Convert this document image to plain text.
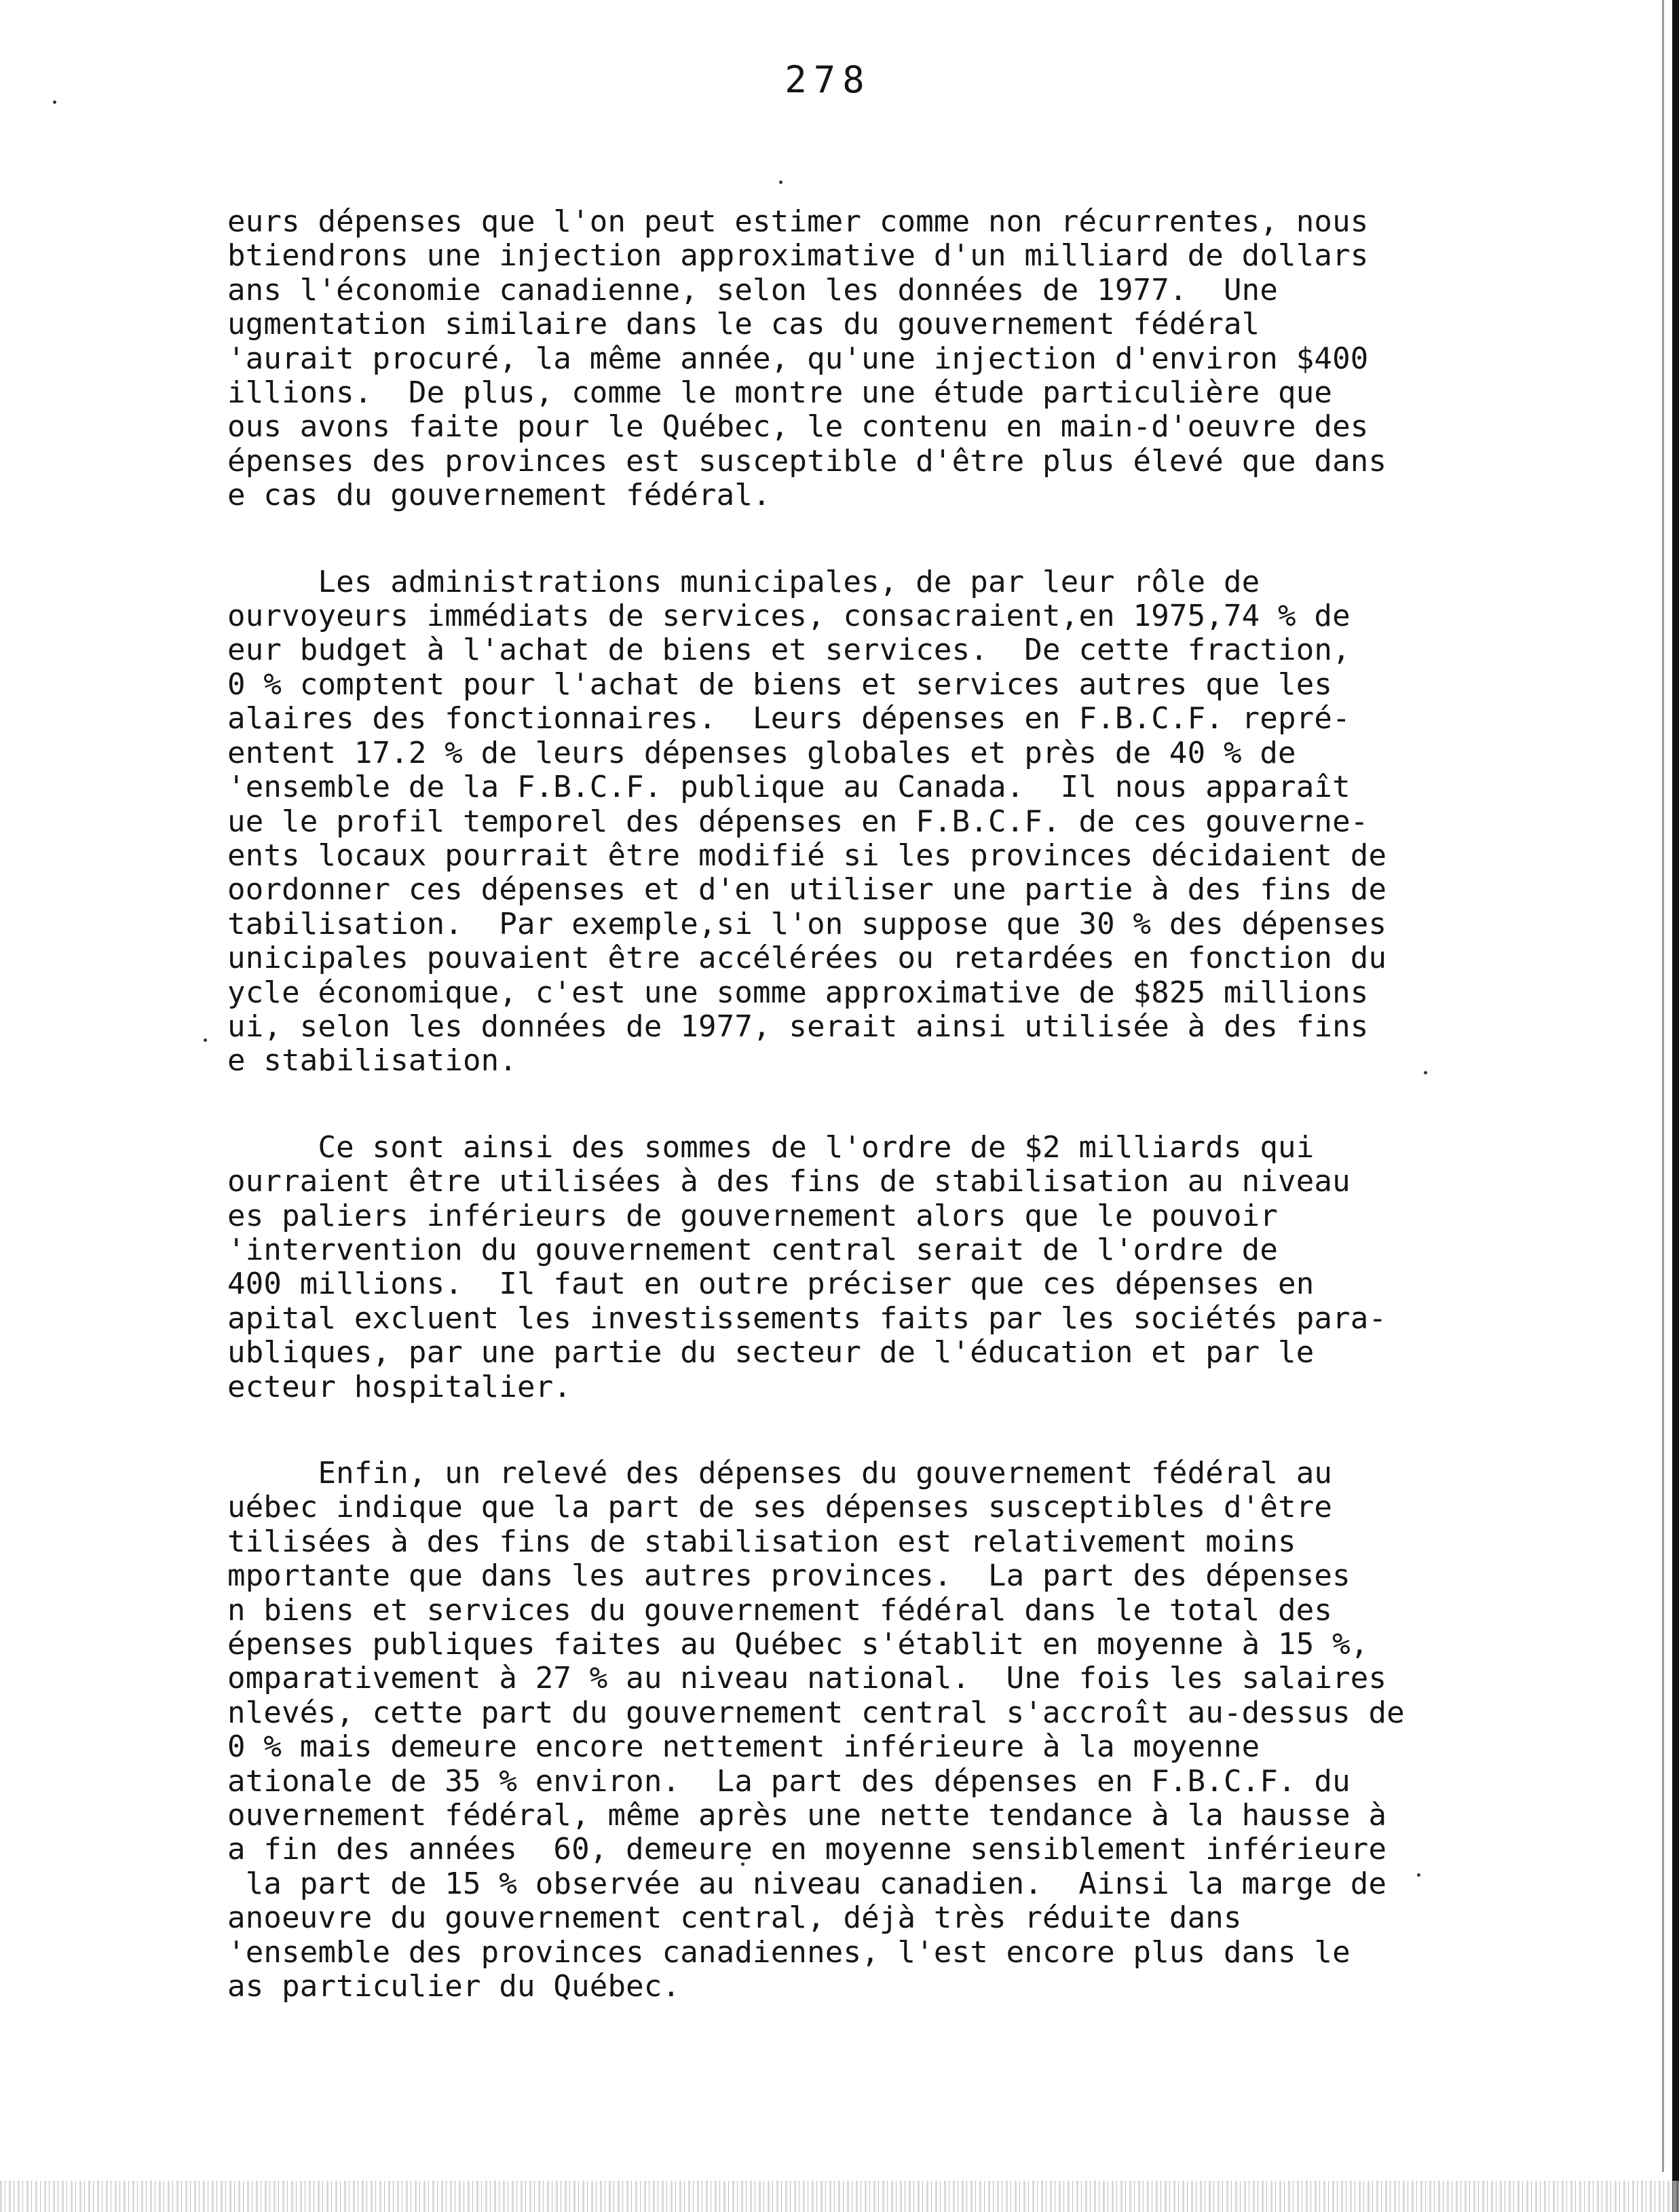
278
eurs dépenses que l'on peut estimer comme non récurrentes, nous
btiendrons une injection approximative d'un milliard de dollars
ans l'économie canadienne, selon les données de 1977.  Une
ugmentation similaire dans le cas du gouvernement fédéral
'aurait procuré, la même année, qu'une injection d'environ $400
illions.  De plus, comme le montre une étude particulière que
ous avons faite pour le Québec, le contenu en main-d'oeuvre des
épenses des provinces est susceptible d'être plus élevé que dans
e cas du gouvernement fédéral.
Les administrations municipales, de par leur rôle de
ourvoyeurs immédiats de services, consacraient,en 1975,74 % de
eur budget à l'achat de biens et services.  De cette fraction,
0 % comptent pour l'achat de biens et services autres que les
alaires des fonctionnaires.  Leurs dépenses en F.B.C.F. repré-
entent 17.2 % de leurs dépenses globales et près de 40 % de
'ensemble de la F.B.C.F. publique au Canada.  Il nous apparaît
ue le profil temporel des dépenses en F.B.C.F. de ces gouverne-
ents locaux pourrait être modifié si les provinces décidaient de
oordonner ces dépenses et d'en utiliser une partie à des fins de
tabilisation.  Par exemple,si l'on suppose que 30 % des dépenses
unicipales pouvaient être accélérées ou retardées en fonction du
ycle économique, c'est une somme approximative de $825 millions
ui, selon les données de 1977, serait ainsi utilisée à des fins
e stabilisation.
Ce sont ainsi des sommes de l'ordre de $2 milliards qui
ourraient être utilisées à des fins de stabilisation au niveau
es paliers inférieurs de gouvernement alors que le pouvoir
'intervention du gouvernement central serait de l'ordre de
400 millions.  Il faut en outre préciser que ces dépenses en
apital excluent les investissements faits par les sociétés para-
ubliques, par une partie du secteur de l'éducation et par le
ecteur hospitalier.
Enfin, un relevé des dépenses du gouvernement fédéral au
uébec indique que la part de ses dépenses susceptibles d'être
tilisées à des fins de stabilisation est relativement moins
mportante que dans les autres provinces.  La part des dépenses
n biens et services du gouvernement fédéral dans le total des
épenses publiques faites au Québec s'établit en moyenne à 15 %,
omparativement à 27 % au niveau national.  Une fois les salaires
nlevés, cette part du gouvernement central s'accroît au-dessus de
0 % mais demeure encore nettement inférieure à la moyenne
ationale de 35 % environ.  La part des dépenses en F.B.C.F. du
ouvernement fédéral, même après une nette tendance à la hausse à
a fin des années  60, demeure en moyenne sensiblement inférieure
la part de 15 % observée au niveau canadien.  Ainsi la marge de
anoeuvre du gouvernement central, déjà très réduite dans
'ensemble des provinces canadiennes, l'est encore plus dans le
as particulier du Québec.
